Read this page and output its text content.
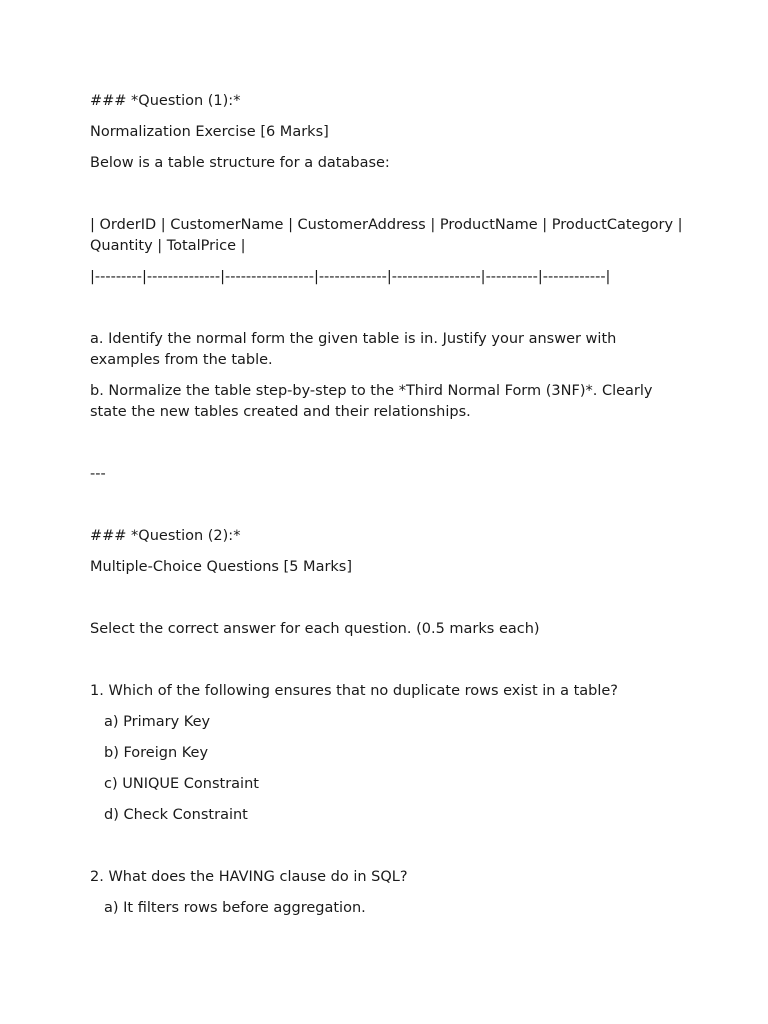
### *Question (1):*

Normalization Exercise [6 Marks]

Below is a table structure for a database:

| OrderID | CustomerName | CustomerAddress | ProductName | ProductCategory | Quantity | TotalPrice |

|---------|--------------|-----------------|-------------|-----------------|----------|------------|

a. Identify the normal form the given table is in. Justify your answer with examples from the table.

b. Normalize the table step-by-step to the *Third Normal Form (3NF)*. Clearly state the new tables created and their relationships.

---

### *Question (2):*

Multiple-Choice Questions [5 Marks]

Select the correct answer for each question. (0.5 marks each)

1. Which of the following ensures that no duplicate rows exist in a table?

a) Primary Key

b) Foreign Key

c) UNIQUE Constraint

d) Check Constraint

2. What does the HAVING clause do in SQL?

a) It filters rows before aggregation.
